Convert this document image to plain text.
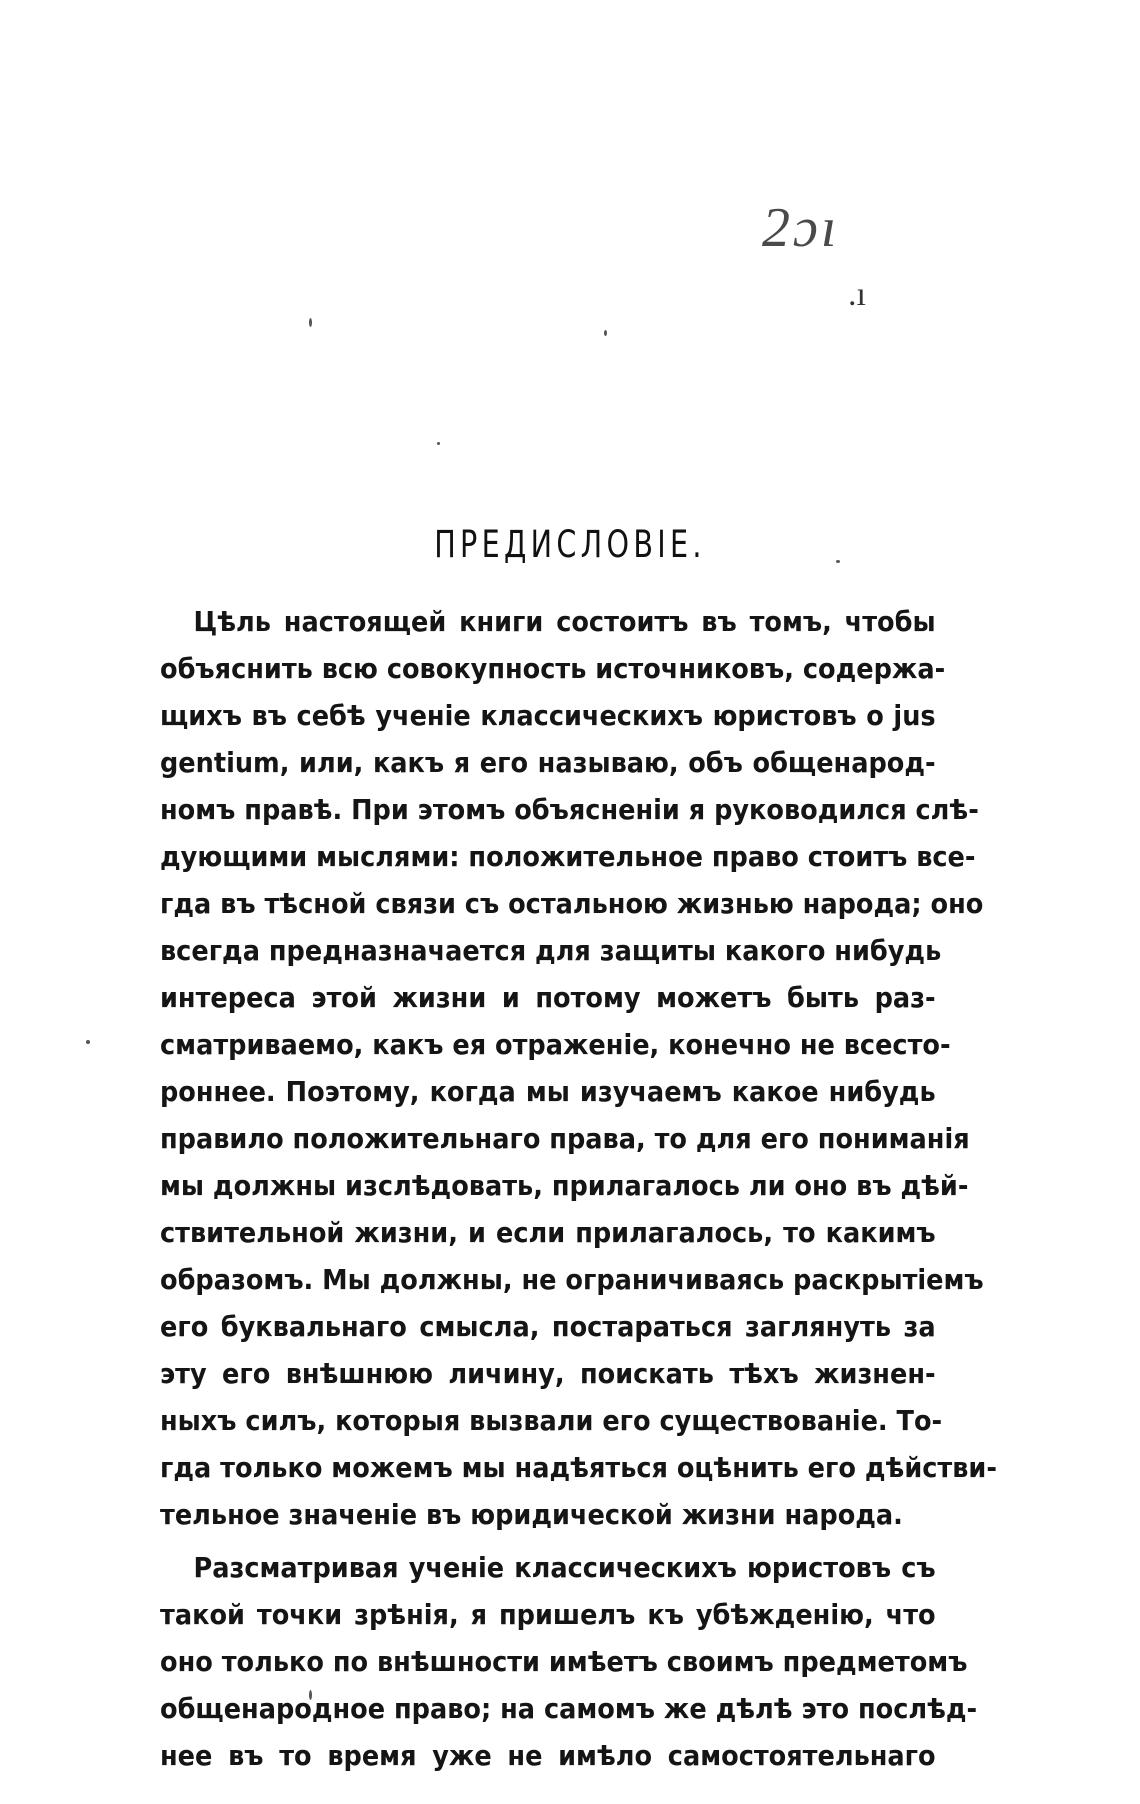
2ɔı
.ı
ПРЕДИСЛОВІЕ.
Цѣль настоящей книги состоитъ въ томъ, чтобы
объяснить всю совокупность источниковъ, содержа-
щихъ въ себѣ ученіе классическихъ юристовъ о jus
gentium, или, какъ я его называю, объ общенарод-
номъ правѣ. При этомъ объясненіи я руководился слѣ-
дующими мыслями: положительное право стоитъ все-
гда въ тѣсной связи съ остальною жизнью народа; оно
всегда предназначается для защиты какого нибудь
интереса этой жизни и потому можетъ быть раз-
сматриваемо, какъ ея отраженіе, конечно не всесто-
роннее. Поэтому, когда мы изучаемъ какое нибудь
правило положительнаго права, то для его пониманія
мы должны изслѣдовать, прилагалось ли оно въ дѣй-
ствительной жизни, и если прилагалось, то какимъ
образомъ. Мы должны, не ограничиваясь раскрытіемъ
его буквальнаго смысла, постараться заглянуть за
эту его внѣшнюю личину, поискать тѣхъ жизнен-
ныхъ силъ, которыя вызвали его существованіе. То-
гда только можемъ мы надѣяться оцѣнить его дѣйстви-
тельное значеніе въ юридической жизни народа.
Разсматривая ученіе классическихъ юристовъ съ
такой точки зрѣнія, я пришелъ къ убѣжденію, что
оно только по внѣшности имѣетъ своимъ предметомъ
общенародное право; на самомъ же дѣлѣ это послѣд-
нее въ то время уже не имѣло самостоятельнаго
